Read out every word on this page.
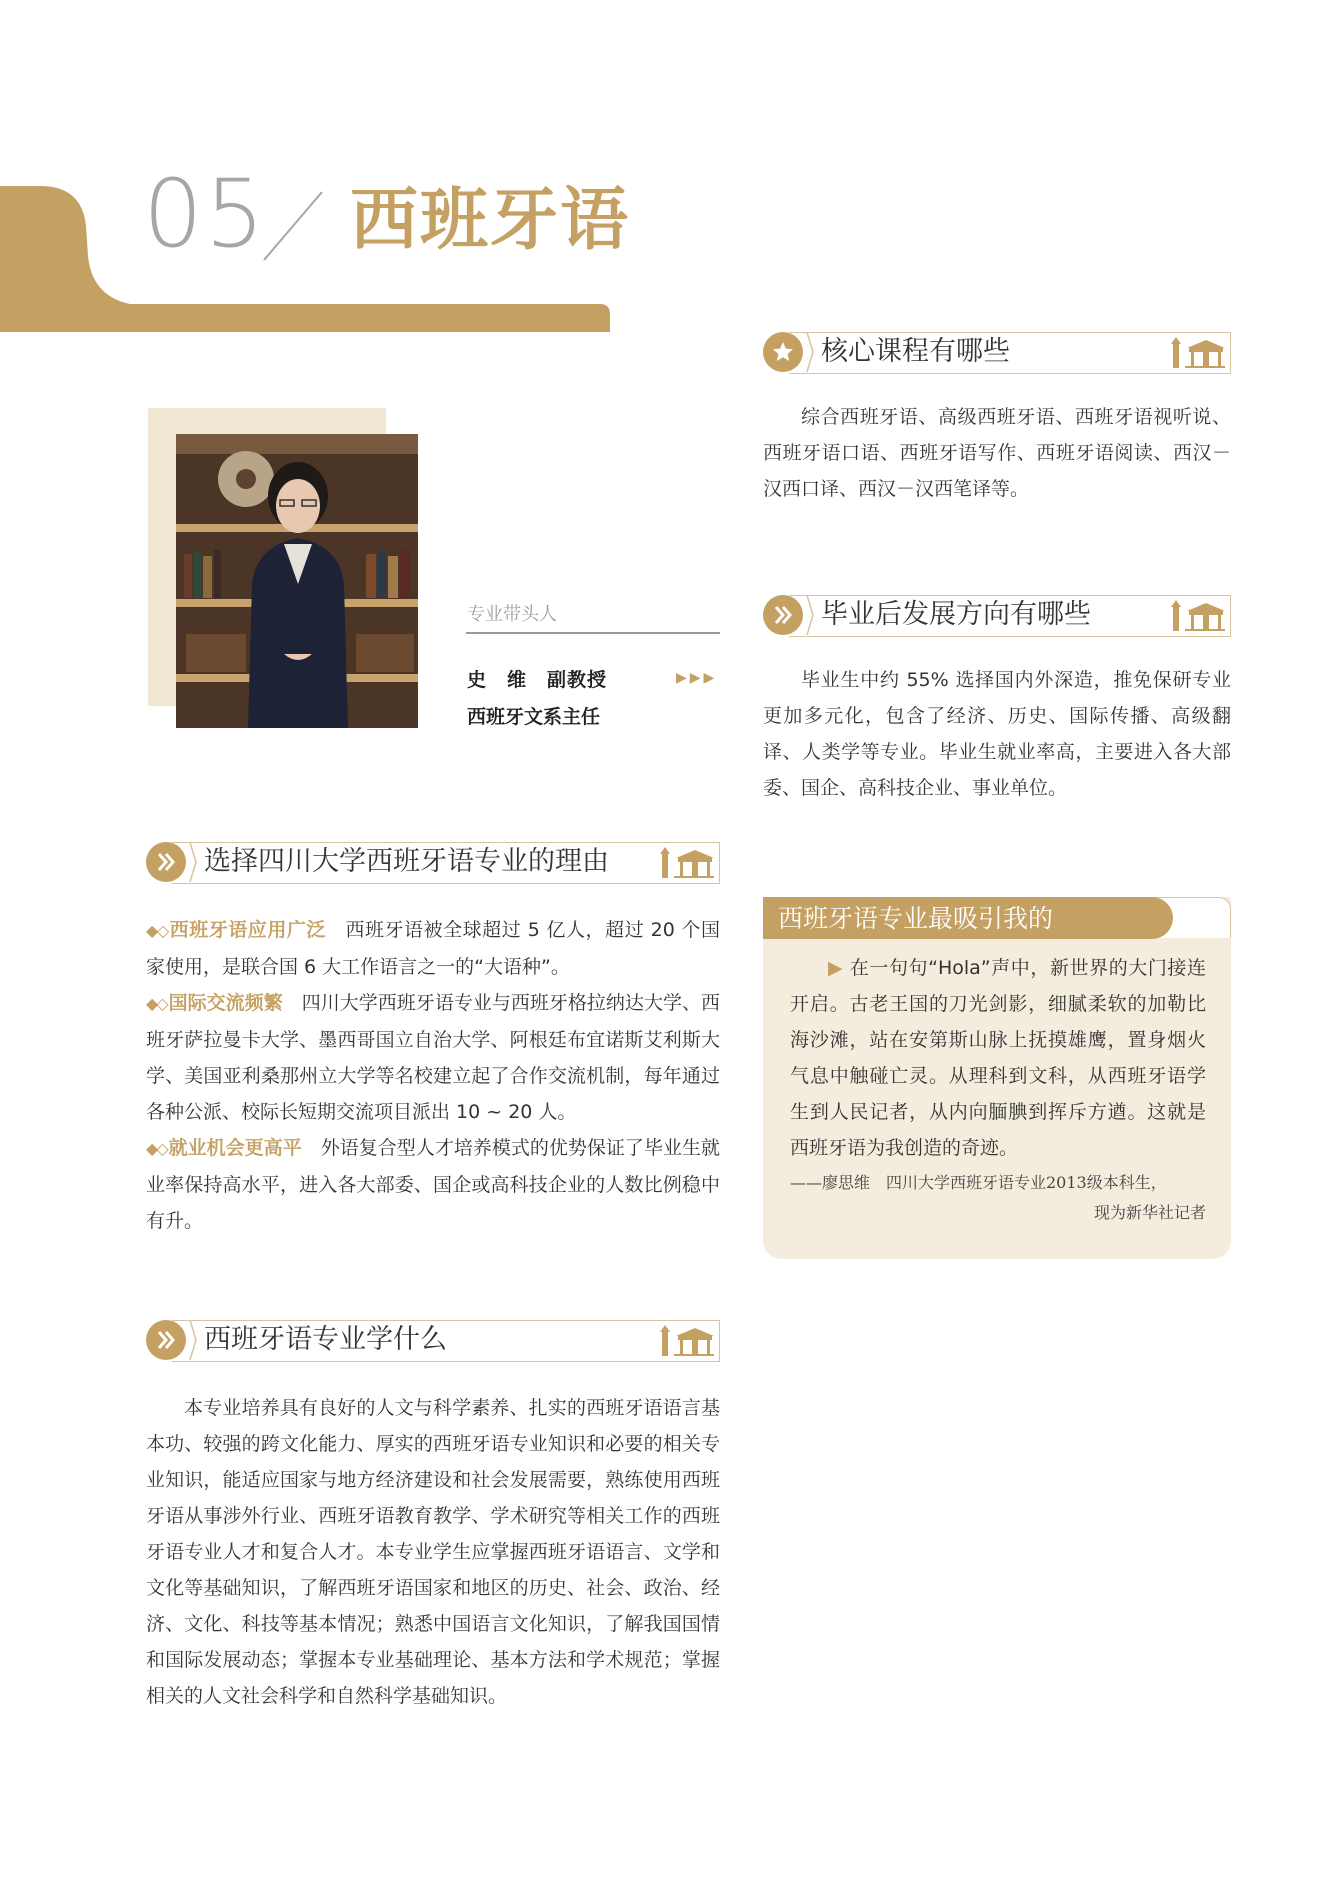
05 西班牙语
专业带头人
史　维　副教授
西班牙文系主任
▶▶▶
选择四川大学西班牙语专业的理由

◆◇ 西班牙语应用广泛　 西班牙语被全球超过 5 亿人，超过 20 个国家使用，是联合国 6 大工作语言之一的“大语种”。

◆◇ 国际交流频繁　 四川大学西班牙语专业与西班牙格拉纳达大学、西班牙萨拉曼卡大学、墨西哥国立自治大学、阿根廷布宜诺斯艾利斯大学、美国亚利桑那州立大学等名校建立起了合作交流机制，每年通过各种公派、校际长短期交流项目派出 10 ~ 20 人。

◆◇ 就业机会更高平　 外语复合型人才培养模式的优势保证了毕业生就业率保持高水平，进入各大部委、国企或高科技企业的人数比例稳中有升。

西班牙语专业学什么

本专业培养具有良好的人文与科学素养、扎实的西班牙语语言基本功、较强的跨文化能力、厚实的西班牙语专业知识和必要的相关专业知识，能适应国家与地方经济建设和社会发展需要，熟练使用西班牙语从事涉外行业、西班牙语教育教学、学术研究等相关工作的西班牙语专业人才和复合人才。本专业学生应掌握西班牙语语言、文学和文化等基础知识，了解西班牙语国家和地区的历史、社会、政治、经济、文化、科技等基本情况；熟悉中国语言文化知识，了解我国国情和国际发展动态；掌握本专业基础理论、基本方法和学术规范；掌握相关的人文社会科学和自然科学基础知识。

核心课程有哪些

综合西班牙语、高级西班牙语、西班牙语视听说、西班牙语口语、西班牙语写作、西班牙语阅读、西汉－汉西口译、西汉－汉西笔译等。

毕业后发展方向有哪些

毕业生中约 55% 选择国内外深造，推免保研专业更加多元化，包含了经济、历史、国际传播、高级翻译、人类学等专业。毕业生就业率高，主要进入各大部委、国企、高科技企业、事业单位。

西班牙语专业最吸引我的

▶ 在一句句“Hola”声中，新世界的大门接连开启。古老王国的刀光剑影，细腻柔软的加勒比海沙滩，站在安第斯山脉上抚摸雄鹰，置身烟火气息中触碰亡灵。从理科到文科，从西班牙语学生到人民记者，从内向腼腆到挥斥方遒。这就是西班牙语为我创造的奇迹。

——廖思维　四川大学西班牙语专业2013级本科生，

现为新华社记者
